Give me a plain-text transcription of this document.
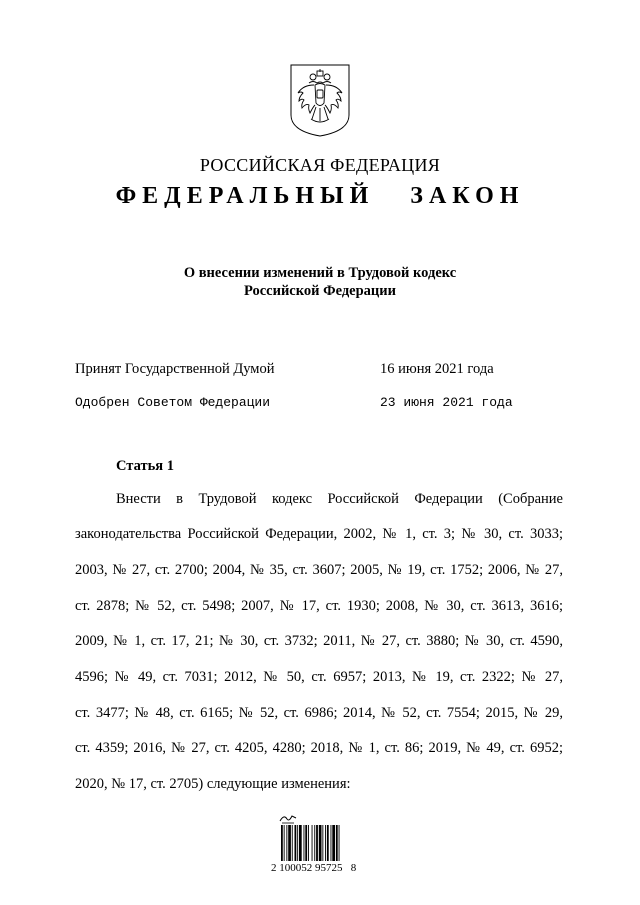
РОССИЙСКАЯ ФЕДЕРАЦИЯ
ФЕДЕРАЛЬНЫЙ   ЗАКОН
О внесении изменений в Трудовой кодекс
Российской Федерации
Принят Государственной Думой	16 июня 2021 года
Одобрен Советом Федерации	23 июня 2021 года
Статья 1
Внести в Трудовой кодекс Российской Федерации (Собрание
законодательства Российской Федерации, 2002, № 1, ст. 3; № 30, ст. 3033;
2003, № 27, ст. 2700; 2004, № 35, ст. 3607; 2005, № 19, ст. 1752; 2006, № 27,
ст. 2878; № 52, ст. 5498; 2007, № 17, ст. 1930; 2008, № 30, ст. 3613, 3616;
2009, № 1, ст. 17, 21; № 30, ст. 3732; 2011, № 27, ст. 3880; № 30, ст. 4590,
4596; № 49, ст. 7031; 2012, № 50, ст. 6957; 2013, № 19, ст. 2322; № 27,
ст. 3477; № 48, ст. 6165; № 52, ст. 6986; 2014, № 52, ст. 7554; 2015, № 29,
ст. 4359; 2016, № 27, ст. 4205, 4280; 2018, № 1, ст. 86; 2019, № 49, ст. 6952;
2020, № 17, ст. 2705) следующие изменения:
2 100052 95725   8
